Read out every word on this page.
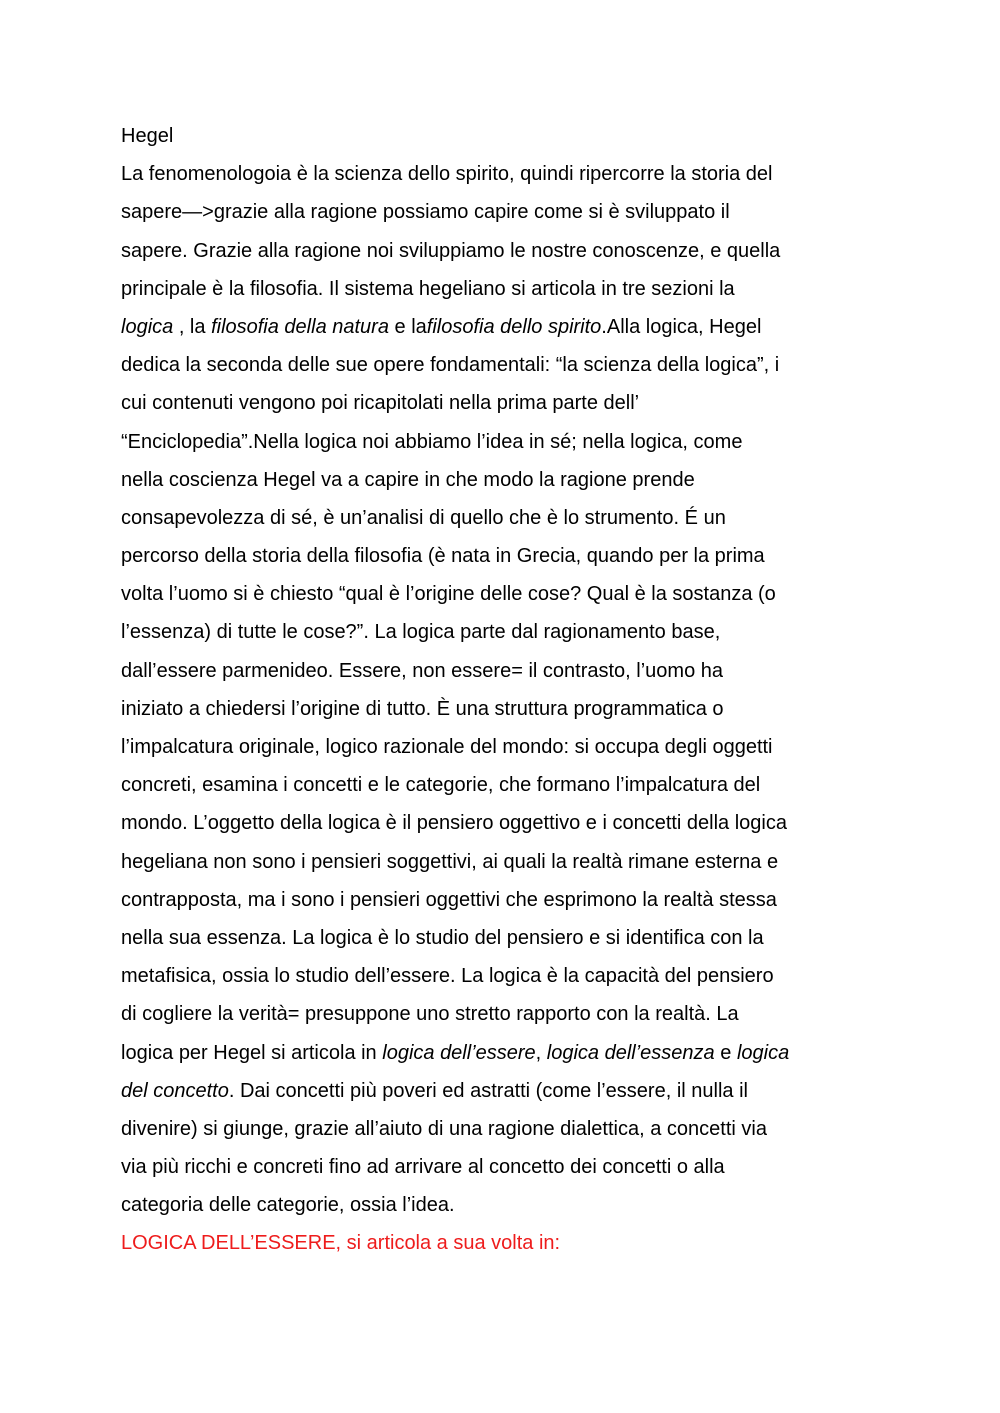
Hegel
La fenomenologoia è la scienza dello spirito, quindi ripercorre la storia del
sapere—>grazie alla ragione possiamo capire come si è sviluppato il
sapere. Grazie alla ragione noi sviluppiamo le nostre conoscenze, e quella
principale è la filosofia. Il sistema hegeliano si articola in tre sezioni la
logica , la filosofia della natura e lafilosofia dello spirito.Alla logica, Hegel
dedica la seconda delle sue opere fondamentali: “la scienza della logica”, i
cui contenuti vengono poi ricapitolati nella prima parte dell’
“Enciclopedia”.Nella logica noi abbiamo l’idea in sé; nella logica, come
nella coscienza Hegel va a capire in che modo la ragione prende
consapevolezza di sé, è un’analisi di quello che è lo strumento. É un
percorso della storia della filosofia (è nata in Grecia, quando per la prima
volta l’uomo si è chiesto “qual è l’origine delle cose? Qual è la sostanza (o
l’essenza) di tutte le cose?”. La logica parte dal ragionamento base,
dall’essere parmenideo. Essere, non essere= il contrasto, l’uomo ha
iniziato a chiedersi l’origine di tutto. È una struttura programmatica o
l’impalcatura originale, logico razionale del mondo: si occupa degli oggetti
concreti, esamina i concetti e le categorie, che formano l’impalcatura del
mondo. L’oggetto della logica è il pensiero oggettivo e i concetti della logica
hegeliana non sono i pensieri soggettivi, ai quali la realtà rimane esterna e
contrapposta, ma i sono i pensieri oggettivi che esprimono la realtà stessa
nella sua essenza. La logica è lo studio del pensiero e si identifica con la
metafisica, ossia lo studio dell’essere. La logica è la capacità del pensiero
di cogliere la verità= presuppone uno stretto rapporto con la realtà. La
logica per Hegel si articola in logica dell’essere, logica dell’essenza e logica
del concetto. Dai concetti più poveri ed astratti (come l’essere, il nulla il
divenire) si giunge, grazie all’aiuto di una ragione dialettica, a concetti via
via più ricchi e concreti fino ad arrivare al concetto dei concetti o alla
categoria delle categorie, ossia l’idea.
LOGICA DELL’ESSERE, si articola a sua volta in:
